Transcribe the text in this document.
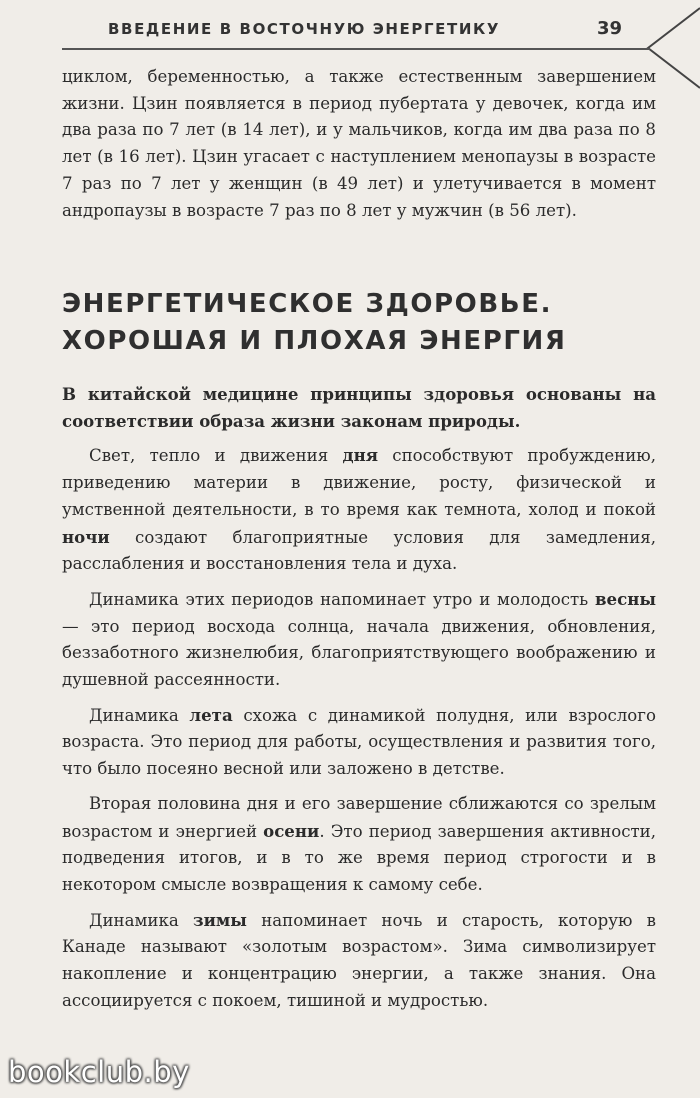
ВВЕДЕНИЕ В ВОСТОЧНУЮ ЭНЕРГЕТИКУ	39

циклом, беременностью, а также естественным завершением жизни. Цзин появляется в период пубертата у девочек, когда им два раза по 7 лет (в 14 лет), и у мальчиков, когда им два раза по 8 лет (в 16 лет). Цзин угасает с наступлением менопаузы в возрасте 7 раз по 7 лет у женщин (в 49 лет) и улетучивается в момент андропаузы в возрасте 7 раз по 8 лет у мужчин (в 56 лет).

ЭНЕРГЕТИЧЕСКОЕ ЗДОРОВЬЕ.
ХОРОШАЯ И ПЛОХАЯ ЭНЕРГИЯ

В китайской медицине принципы здоровья основаны на соответствии образа жизни законам природы.

Свет, тепло и движения дня способствуют пробуждению, приведению материи в движение, росту, физической и умственной деятельности, в то время как темнота, холод и покой ночи создают благоприятные условия для замедления, расслабления и восстановления тела и духа.

Динамика этих периодов напоминает утро и молодость весны — это период восхода солнца, начала движения, обновления, беззаботного жизнелюбия, благоприятствующего воображению и душевной рассеянности.

Динамика лета схожа с динамикой полудня, или взрослого возраста. Это период для работы, осуществления и развития того, что было посеяно весной или заложено в детстве.

Вторая половина дня и его завершение сближаются со зрелым возрастом и энергией осени. Это период завершения активности, подведения итогов, и в то же время период строгости и в некотором смысле возвращения к самому себе.

Динамика зимы напоминает ночь и старость, которую в Канаде называют «золотым возрастом». Зима символизирует накопление и концентрацию энергии, а также знания. Она ассоциируется с покоем, тишиной и мудростью.

bookclub.by
